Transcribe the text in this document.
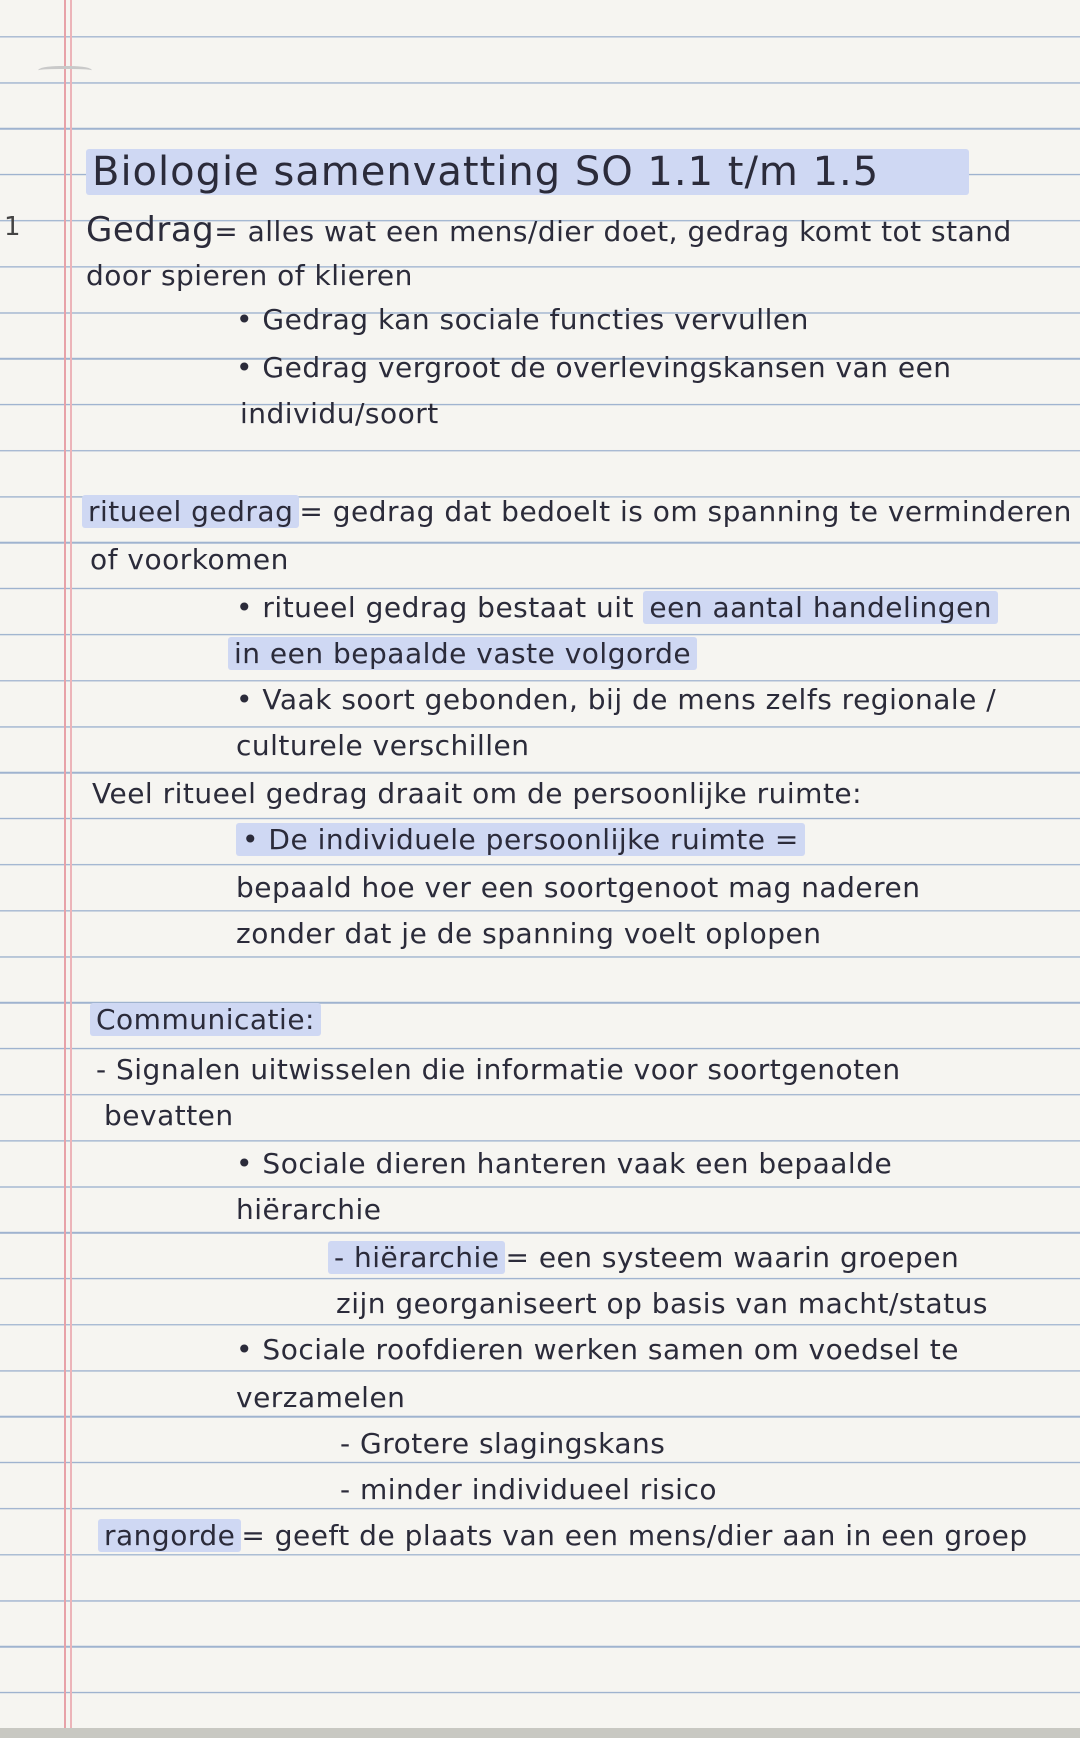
1
Biologie samenvatting SO 1.1 t/m 1.5
Gedrag= alles wat een mens/dier doet, gedrag komt tot stand
door spieren of klieren
• Gedrag kan sociale functies vervullen
• Gedrag vergroot de overlevingskansen van een
individu/soort
ritueel gedrag = gedrag dat bedoelt is om spanning te verminderen
of voorkomen
• ritueel gedrag bestaat uit een aantal handelingen
in een bepaalde vaste volgorde
• Vaak soort gebonden, bij de mens zelfs regionale /
culturele verschillen
Veel ritueel gedrag draait om de persoonlijke ruimte:
• De individuele persoonlijke ruimte =
bepaald hoe ver een soortgenoot mag naderen
zonder dat je de spanning voelt oplopen
Communicatie:
- Signalen uitwisselen die informatie voor soortgenoten
bevatten
• Sociale dieren hanteren vaak een bepaalde
hiërarchie
- hiërarchie = een systeem waarin groepen
zijn georganiseert op basis van macht/status
• Sociale roofdieren werken samen om voedsel te
verzamelen
- Grotere slagingskans
- minder individueel risico
rangorde = geeft de plaats van een mens/dier aan in een groep
